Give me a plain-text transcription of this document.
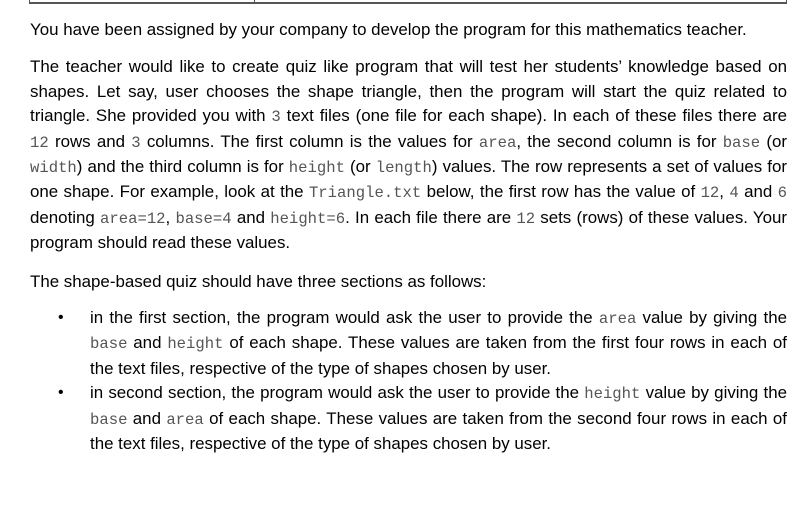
You have been assigned by your company to develop the program for this mathematics teacher.

The teacher would like to create quiz like program that will test her students’ knowledge based on shapes. Let say, user chooses the shape triangle, then the program will start the quiz related to triangle. She provided you with 3 text files (one file for each shape). In each of these files there are 12 rows and 3 columns. The first column is the values for area, the second column is for base (or width) and the third column is for height (or length) values. The row represents a set of values for one shape. For example, look at the Triangle.txt below, the first row has the value of 12, 4 and 6 denoting area=12, base=4 and height=6. In each file there are 12 sets (rows) of these values. Your program should read these values.

The shape-based quiz should have three sections as follows:

• in the first section, the program would ask the user to provide the area value by giving the base and height of each shape. These values are taken from the first four rows in each of the text files, respective of the type of shapes chosen by user.
• in second section, the program would ask the user to provide the height value by giving the base and area of each shape. These values are taken from the second four rows in each of the text files, respective of the type of shapes chosen by user.
